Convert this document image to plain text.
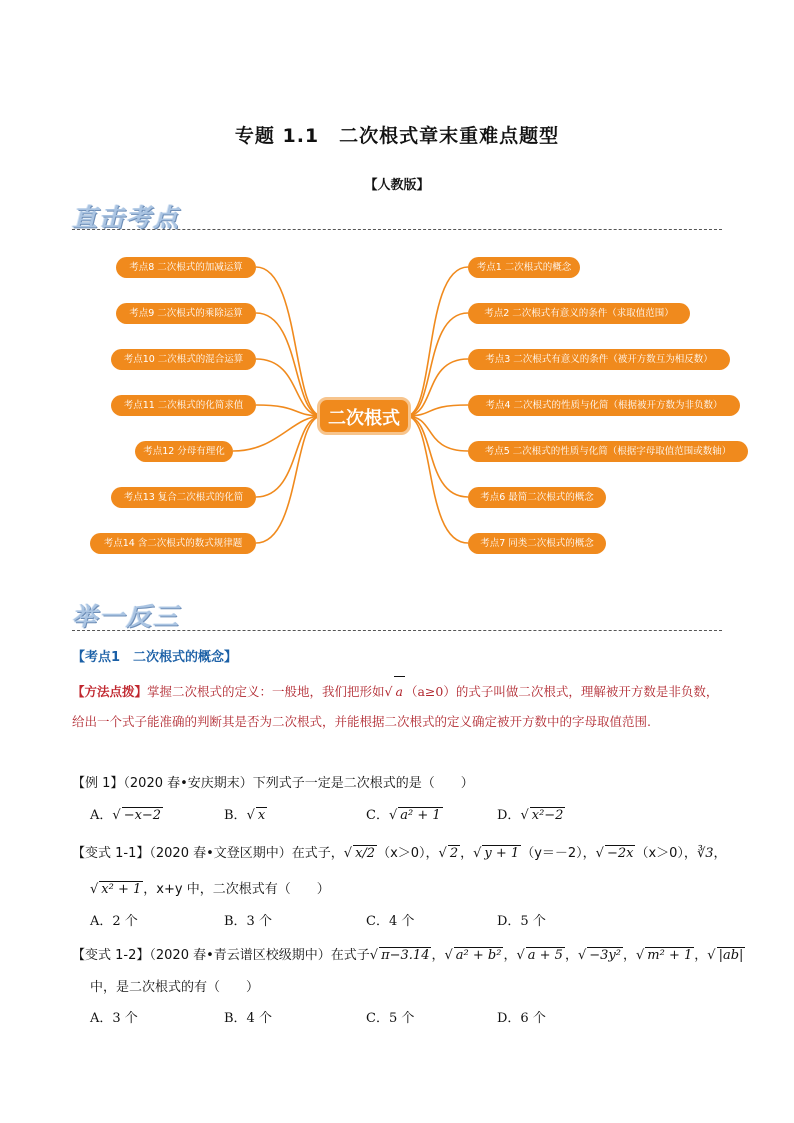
专题 1.1　二次根式章末重难点题型
【人教版】
直击考点
二次根式
考点8 二次根式的加减运算
考点9 二次根式的乘除运算
考点10 二次根式的混合运算
考点11 二次根式的化简求值
考点12 分母有理化
考点13 复合二次根式的化简
考点14 含二次根式的数式规律题
考点1 二次根式的概念
考点2 二次根式有意义的条件（求取值范围）
考点3 二次根式有意义的条件（被开方数互为相反数）
考点4 二次根式的性质与化简（根据被开方数为非负数）
考点5 二次根式的性质与化简（根据字母取值范围或数轴）
考点6 最简二次根式的概念
考点7 同类二次根式的概念
举一反三
【考点1　二次根式的概念】
【方法点拨】掌握二次根式的定义：一般地，我们把形如√ a （a≥0）的式子叫做二次根式，理解被开方数是非负数，给出一个式子能准确的判断其是否为二次根式，并能根据二次根式的定义确定被开方数中的字母取值范围.
【例 1】（2020 春•安庆期末）下列式子一定是二次根式的是（　　）
A．√ −x−2	B．√ x	C．√ a² + 1	D．√ x²−2
【变式 1-1】（2020 春•文登区期中）在式子，√ x/2 （x＞0），√ 2 ，√ y + 1 （y＝－2），√ −2x （x＞0），∛3，
√ x² + 1 ，x+y 中，二次根式有（　　）
A．2 个	B．3 个	C．4 个	D．5 个
【变式 1-2】（2020 春•青云谱区校级期中）在式子√ π−3.14 ，√ a² + b² ，√ a + 5 ，√ −3y² ，√ m² + 1 ，√ |ab|
中，是二次根式的有（　　）
A．3 个	B．4 个	C．5 个	D．6 个
